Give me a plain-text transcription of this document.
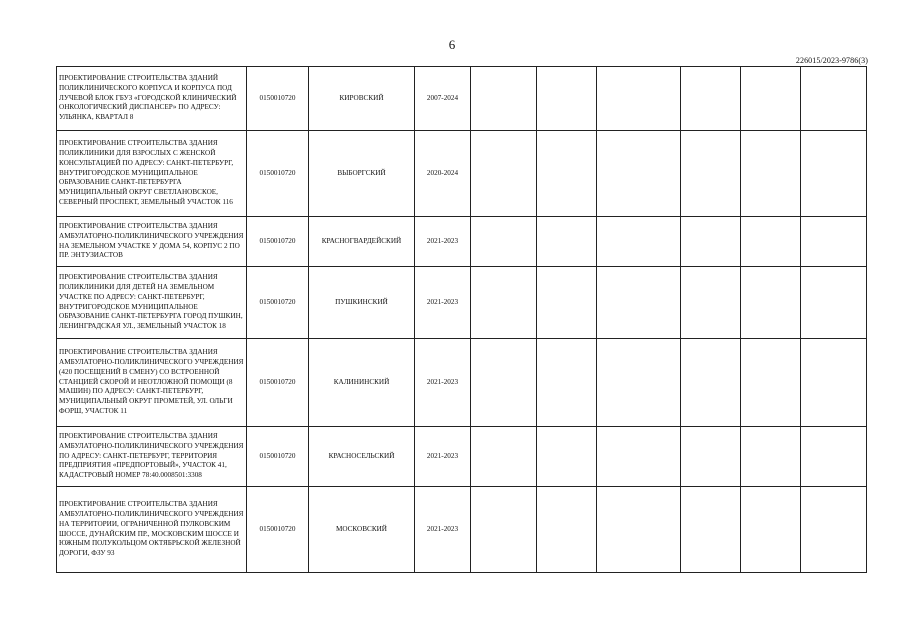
6
226015/2023-9786(3)
ПРОЕКТИРОВАНИЕ СТРОИТЕЛЬСТВА ЗДАНИЙ ПОЛИКЛИНИЧЕСКОГО КОРПУСА И КОРПУСА ПОД ЛУЧЕВОЙ БЛОК ГБУЗ «ГОРОДСКОЙ КЛИНИЧЕСКИЙ ОНКОЛОГИЧЕСКИЙ ДИСПАНСЕР» ПО АДРЕСУ: УЛЬЯНКА, КВАРТАЛ 8	0150010720	КИРОВСКИЙ	2007-2024						
ПРОЕКТИРОВАНИЕ СТРОИТЕЛЬСТВА ЗДАНИЯ ПОЛИКЛИНИКИ ДЛЯ ВЗРОСЛЫХ С ЖЕНСКОЙ КОНСУЛЬТАЦИЕЙ ПО АДРЕСУ: САНКТ-ПЕТЕРБУРГ, ВНУТРИГОРОДСКОЕ МУНИЦИПАЛЬНОЕ ОБРАЗОВАНИЕ САНКТ-ПЕТЕРБУРГА МУНИЦИПАЛЬНЫЙ ОКРУГ СВЕТЛАНОВСКОЕ, СЕВЕРНЫЙ ПРОСПЕКТ, ЗЕМЕЛЬНЫЙ УЧАСТОК 116	0150010720	ВЫБОРГСКИЙ	2020-2024						
ПРОЕКТИРОВАНИЕ СТРОИТЕЛЬСТВА ЗДАНИЯ АМБУЛАТОРНО-ПОЛИКЛИНИЧЕСКОГО УЧРЕЖДЕНИЯ НА ЗЕМЕЛЬНОМ УЧАСТКЕ У ДОМА 54, КОРПУС 2 ПО ПР. ЭНТУЗИАСТОВ	0150010720	КРАСНОГВАРДЕЙСКИЙ	2021-2023						
ПРОЕКТИРОВАНИЕ СТРОИТЕЛЬСТВА ЗДАНИЯ ПОЛИКЛИНИКИ ДЛЯ ДЕТЕЙ НА ЗЕМЕЛЬНОМ УЧАСТКЕ ПО АДРЕСУ: САНКТ-ПЕТЕРБУРГ, ВНУТРИГОРОДСКОЕ МУНИЦИПАЛЬНОЕ ОБРАЗОВАНИЕ САНКТ-ПЕТЕРБУРГА ГОРОД ПУШКИН, ЛЕНИНГРАДСКАЯ УЛ., ЗЕМЕЛЬНЫЙ УЧАСТОК 18	0150010720	ПУШКИНСКИЙ	2021-2023						
ПРОЕКТИРОВАНИЕ СТРОИТЕЛЬСТВА ЗДАНИЯ АМБУЛАТОРНО-ПОЛИКЛИНИЧЕСКОГО УЧРЕЖДЕНИЯ (420 ПОСЕЩЕНИЙ В СМЕНУ) СО ВСТРОЕННОЙ СТАНЦИЕЙ СКОРОЙ И НЕОТЛОЖНОЙ ПОМОЩИ (8 МАШИН) ПО АДРЕСУ: САНКТ-ПЕТЕРБУРГ, МУНИЦИПАЛЬНЫЙ ОКРУГ ПРОМЕТЕЙ, УЛ. ОЛЬГИ ФОРШ, УЧАСТОК 11	0150010720	КАЛИНИНСКИЙ	2021-2023						
ПРОЕКТИРОВАНИЕ СТРОИТЕЛЬСТВА ЗДАНИЯ АМБУЛАТОРНО-ПОЛИКЛИНИЧЕСКОГО УЧРЕЖДЕНИЯ ПО АДРЕСУ: САНКТ-ПЕТЕРБУРГ, ТЕРРИТОРИЯ ПРЕДПРИЯТИЯ «ПРЕДПОРТОВЫЙ», УЧАСТОК 41, КАДАСТРОВЫЙ НОМЕР 78:40.0008501:3308	0150010720	КРАСНОСЕЛЬСКИЙ	2021-2023						
ПРОЕКТИРОВАНИЕ СТРОИТЕЛЬСТВА ЗДАНИЯ АМБУЛАТОРНО-ПОЛИКЛИНИЧЕСКОГО УЧРЕЖДЕНИЯ НА ТЕРРИТОРИИ, ОГРАНИЧЕННОЙ ПУЛКОВСКИМ ШОССЕ, ДУНАЙСКИМ ПР., МОСКОВСКИМ ШОССЕ И ЮЖНЫМ ПОЛУКОЛЬЦОМ ОКТЯБРЬСКОЙ ЖЕЛЕЗНОЙ ДОРОГИ, ФЗУ 93	0150010720	МОСКОВСКИЙ	2021-2023						
